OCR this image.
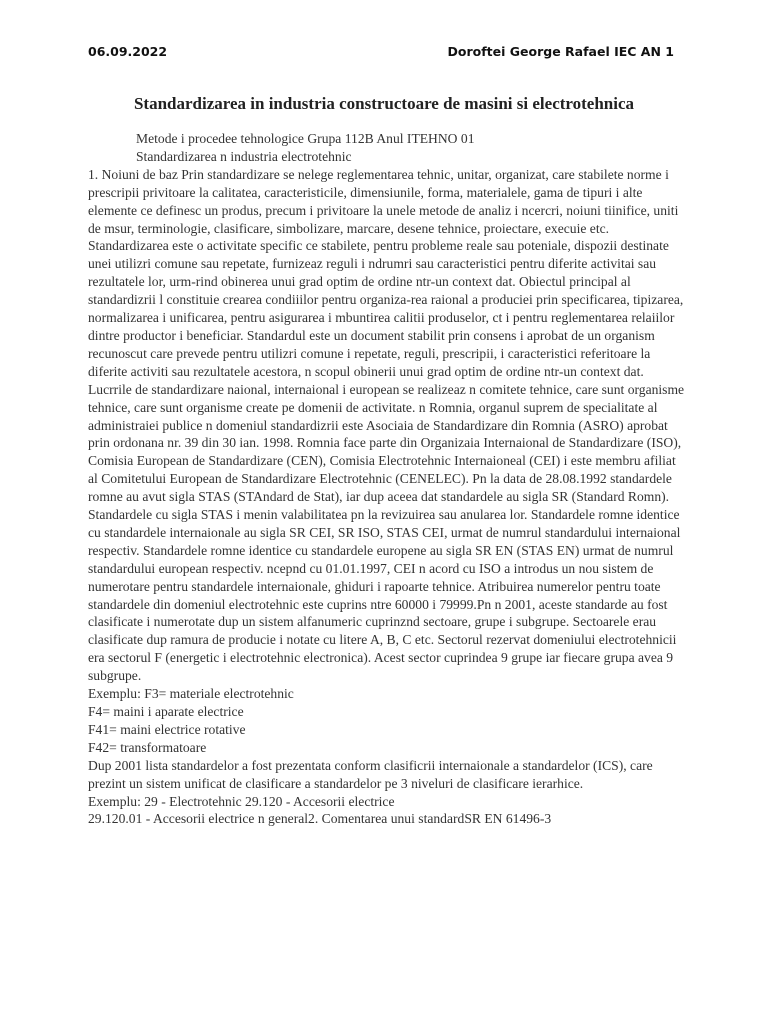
06.09.2022	Doroftei George Rafael IEC AN 1
Standardizarea in industria constructoare de masini si electrotehnica
Metode i procedee tehnologice Grupa 112B Anul ITEHNO 01
Standardizarea n industria electrotehnic

1. Noiuni de baz Prin standardizare se nelege reglementarea tehnic, unitar, organizat, care stabilete norme i prescripii privitoare la calitatea, caracteristicile, dimensiunile, forma, materialele, gama de tipuri i alte elemente ce definesc un produs, precum i privitoare la unele metode de analiz i ncercri, noiuni tiinifice, uniti de msur, terminologie, clasificare, simbolizare, marcare, desene tehnice, proiectare, execuie etc. Standardizarea este o activitate specific ce stabilete, pentru probleme reale sau poteniale, dispozii destinate unei utilizri comune sau repetate, furnizeaz reguli i ndrumri sau caracteristici pentru diferite activitai sau rezultatele lor, urm-rind obinerea unui grad optim de ordine ntr-un context dat. Obiectul principal al standardizrii l constituie crearea condiiilor pentru organiza-rea raional a produciei prin specificarea, tipizarea, normalizarea i unificarea, pentru asigurarea i mbuntirea calitii produselor, ct i pentru reglementarea relaiilor dintre productor i beneficiar. Standardul este un document stabilit prin consens i aprobat de un organism recunoscut care prevede pentru utilizri comune i repetate, reguli, prescripii, i caracteristici referitoare la diferite activiti sau rezultatele acestora, n scopul obinerii unui grad optim de ordine ntr-un context dat. Lucrrile de standardizare naional, internaional i european se realizeaz n comitete tehnice, care sunt organisme tehnice, care sunt organisme create pe domenii de activitate. n Romnia, organul suprem de specialitate al administraiei publice n domeniul standardizrii este Asociaia de Standardizare din Romnia (ASRO) aprobat prin ordonana nr. 39 din 30 ian. 1998. Romnia face parte din Organizaia Internaional de Standardizare (ISO), Comisia European de Standardizare (CEN), Comisia Electrotehnic Internaioneal (CEI) i este membru afiliat al Comitetului European de Standardizare Electrotehnic (CENELEC). Pn la data de 28.08.1992 standardele romne au avut sigla STAS (STAndard de Stat), iar dup aceea dat standardele au sigla SR (Standard Romn). Standardele cu sigla STAS i menin valabilitatea pn la revizuirea sau anularea lor. Standardele romne identice cu standardele internaionale au sigla SR CEI, SR ISO, STAS CEI, urmat de numrul standardului internaional respectiv. Standardele romne identice cu standardele europene au sigla SR EN (STAS EN) urmat de numrul standardului european respectiv. ncepnd cu 01.01.1997, CEI n acord cu ISO a introdus un nou sistem de numerotare pentru standardele internaionale, ghiduri i rapoarte tehnice. Atribuirea numerelor pentru toate standardele din domeniul electrotehnic este cuprins ntre 60000 i 79999.Pn n 2001, aceste standarde au fost clasificate i numerotate dup un sistem alfanumeric cuprinznd sectoare, grupe i subgrupe. Sectoarele erau clasificate dup ramura de producie i notate cu litere A, B, C etc. Sectorul rezervat domeniului electrotehnicii era sectorul F (energetic i electrotehnic electronica). Acest sector cuprindea 9 grupe iar fiecare grupa avea 9 subgrupe.

Exemplu: F3= materiale electrotehnic
F4= maini i aparate electrice
F41= maini electrice rotative
F42= transformatoare

Dup 2001 lista standardelor a fost prezentata conform clasificrii internaionale a standardelor (ICS), care prezint un sistem unificat de clasificare a standardelor pe 3 niveluri de clasificare ierarhice.

Exemplu: 29 - Electrotehnic 29.120 - Accesorii electrice
29.120.01 - Accesorii electrice n general2. Comentarea unui standardSR EN 61496-3
